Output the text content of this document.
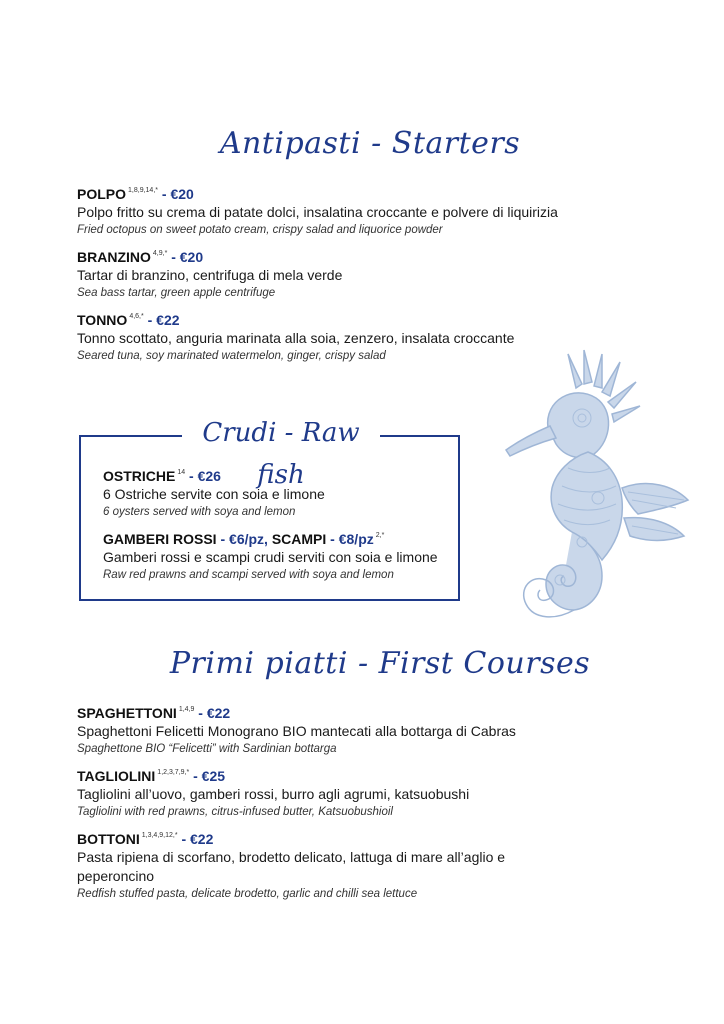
Antipasti - Starters
POLPO $^{1,8,9,14,*}$ - €20
Polpo fritto su crema di patate dolci, insalatina croccante e polvere di liquirizia
Fried octopus on sweet potato cream, crispy salad and liquorice powder
BRANZINO $^{4,9,*}$ - €20
Tartar di branzino, centrifuga di mela verde
Sea bass tartar, green apple centrifuge
TONNO $^{4,6,*}$ - €22
Tonno scottato, anguria marinata alla soia, zenzero, insalata croccante
Seared tuna, soy marinated watermelon, ginger, crispy salad
Crudi - Raw fish
OSTRICHE $^{14}$ - €26
6 Ostriche servite con soia e limone
6 oysters served with soya and lemon
GAMBERI ROSSI - €6/pz, SCAMPI - €8/pz $^{2,*}$
Gamberi rossi e scampi crudi serviti con soia e limone
Raw red prawns and scampi served with soya and lemon
Primi piatti - First Courses
SPAGHETTONI $^{1,4,9}$ - €22
Spaghettoni Felicetti Monograno BIO mantecati alla bottarga di Cabras
Spaghettone BIO “Felicetti” with Sardinian bottarga
TAGLIOLINI $^{1,2,3,7,9,*}$ - €25
Tagliolini all’uovo, gamberi rossi, burro agli agrumi, katsuobushi
Tagliolini with red prawns, citrus-infused butter, Katsuobushioil
BOTTONI $^{1,3,4,9,12,*}$ - €22
Pasta ripiena di scorfano, brodetto delicato, lattuga di mare all’aglio e peperoncino
Redfish stuffed pasta, delicate brodetto, garlic and chilli sea lettuce
